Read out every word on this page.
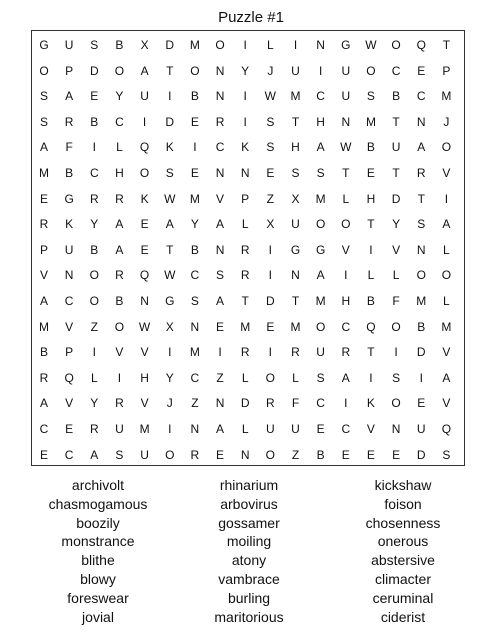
Puzzle #1
G	U	S	B	X	D	M	O	I	L	I	N	G	W	O	Q	T
O	P	D	O	A	T	O	N	Y	J	U	I	U	O	C	E	P
S	A	E	Y	U	I	B	N	I	W	M	C	U	S	B	C	M
S	R	B	C	I	D	E	R	I	S	T	H	N	M	T	N	J
A	F	I	L	Q	K	I	C	K	S	H	A	W	B	U	A	O
M	B	C	H	O	S	E	N	N	E	S	S	T	E	T	R	V
E	G	R	R	K	W	M	V	P	Z	X	M	L	H	D	T	I
R	K	Y	A	E	A	Y	A	L	X	U	O	O	T	Y	S	A
P	U	B	A	E	T	B	N	R	I	G	G	V	I	V	N	L
V	N	O	R	Q	W	C	S	R	I	N	A	I	L	L	O	O
A	C	O	B	N	G	S	A	T	D	T	M	H	B	F	M	L
M	V	Z	O	W	X	N	E	M	E	M	O	C	Q	O	B	M
B	P	I	V	V	I	M	I	R	I	R	U	R	T	I	D	V
R	Q	L	I	H	Y	C	Z	L	O	L	S	A	I	S	I	A
A	V	Y	R	V	J	Z	N	D	R	F	C	I	K	O	E	V
C	E	R	U	M	I	N	A	L	U	U	E	C	V	N	U	Q
E	C	A	S	U	O	R	E	N	O	Z	B	E	E	E	D	S
archivolt
chasmogamous
boozily
monstrance
blithe
blowy
foreswear
jovial
rhinarium
arbovirus
gossamer
moiling
atony
vambrace
burling
maritorious
kickshaw
foison
chosenness
onerous
abstersive
climacter
ceruminal
ciderist
